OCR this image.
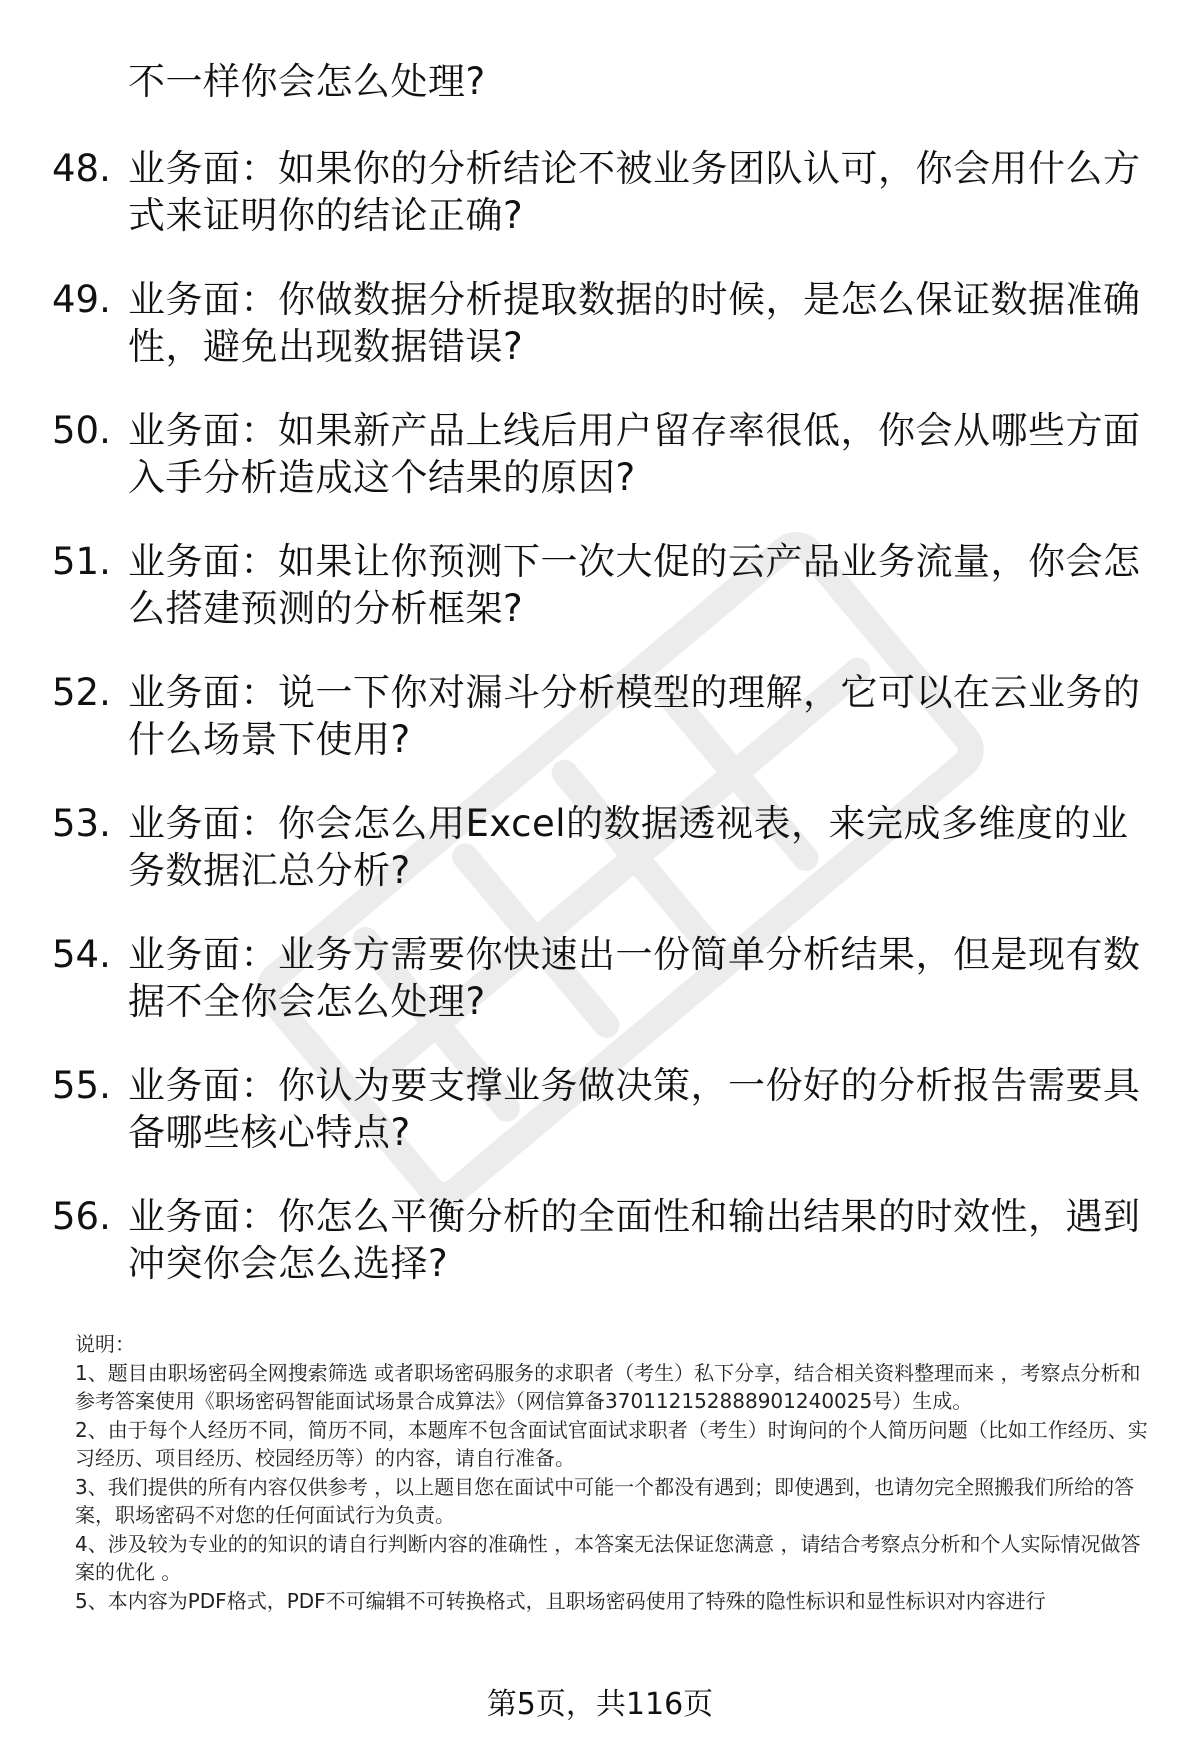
不一样你会怎么处理?
48. 业务面：如果你的分析结论不被业务团队认可，你会用什么方式来证明你的结论正确?
49. 业务面：你做数据分析提取数据的时候，是怎么保证数据准确性，避免出现数据错误?
50. 业务面：如果新产品上线后用户留存率很低，你会从哪些方面入手分析造成这个结果的原因?
51. 业务面：如果让你预测下一次大促的云产品业务流量，你会怎么搭建预测的分析框架?
52. 业务面：说一下你对漏斗分析模型的理解，它可以在云业务的什么场景下使用?
53. 业务面：你会怎么用Excel的数据透视表，来完成多维度的业务数据汇总分析?
54. 业务面：业务方需要你快速出一份简单分析结果，但是现有数据不全你会怎么处理?
55. 业务面：你认为要支撑业务做决策，一份好的分析报告需要具备哪些核心特点?
56. 业务面：你怎么平衡分析的全面性和输出结果的时效性，遇到冲突你会怎么选择?

说明：

1、题目由职场密码全网搜索筛选 或者职场密码服务的求职者（考生）私下分享，结合相关资料整理而来 ，考察点分析和参考答案使用《职场密码智能面试场景合成算法》（网信算备370112152888901240025号）生成。

2、由于每个人经历不同，简历不同，本题库不包含面试官面试求职者（考生）时询问的个人简历问题（比如工作经历、实习经历、项目经历、校园经历等）的内容，请自行准备。

3、我们提供的所有内容仅供参考 ，以上题目您在面试中可能一个都没有遇到；即使遇到，也请勿完全照搬我们所给的答案，职场密码不对您的任何面试行为负责。

4、涉及较为专业的的知识的请自行判断内容的准确性 ，本答案无法保证您满意 ，请结合考察点分析和个人实际情况做答案的优化 。

5、本内容为PDF格式，PDF不可编辑不可转换格式，且职场密码使用了特殊的隐性标识和显性标识对内容进行

第5页，共116页
